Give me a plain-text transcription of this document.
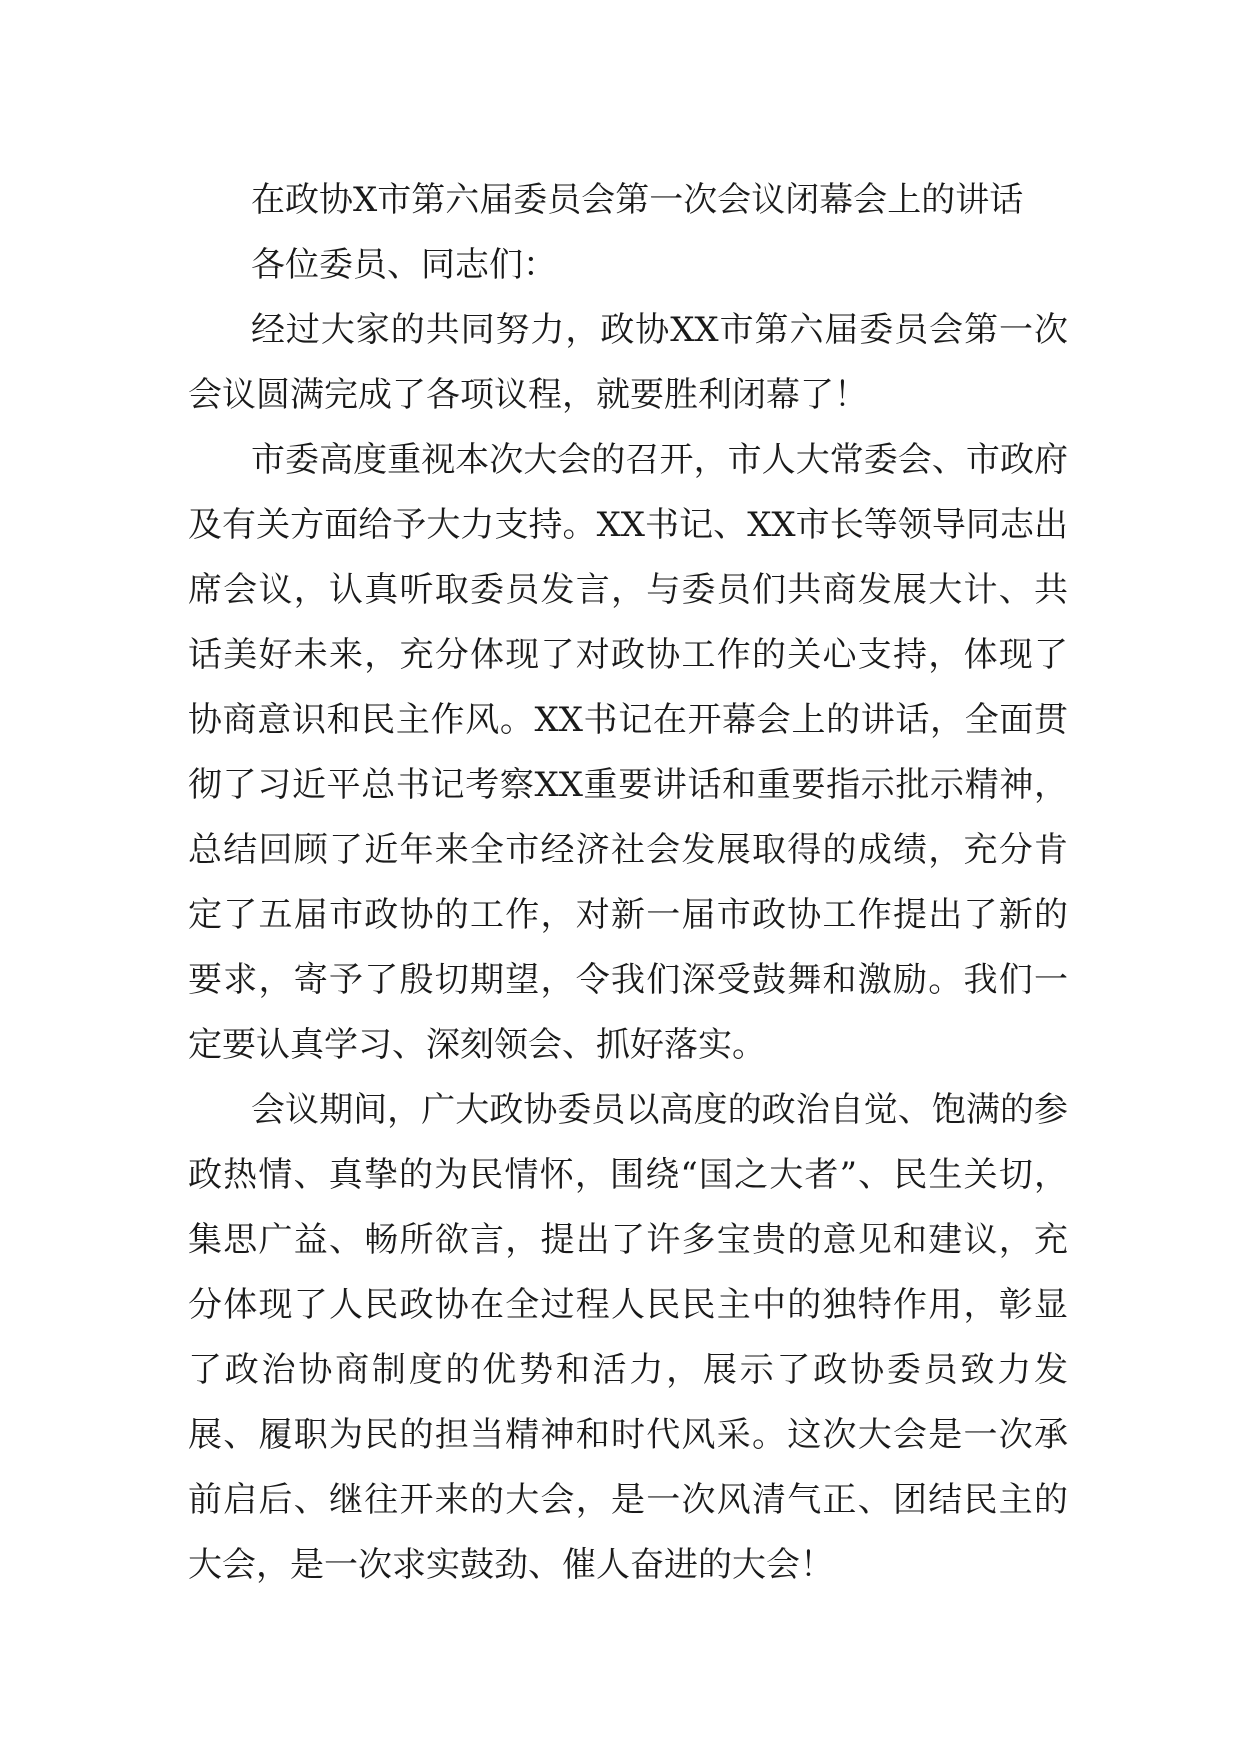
在政协X市第六届委员会第一次会议闭幕会上的讲话

各位委员、同志们：

经过大家的共同努力，政协XX市第六届委员会第一次会议圆满完成了各项议程，就要胜利闭幕了！

市委高度重视本次大会的召开，市人大常委会、市政府及有关方面给予大力支持。XX书记、XX市长等领导同志出席会议，认真听取委员发言，与委员们共商发展大计、共话美好未来，充分体现了对政协工作的关心支持，体现了协商意识和民主作风。XX书记在开幕会上的讲话，全面贯彻了习近平总书记考察XX重要讲话和重要指示批示精神，总结回顾了近年来全市经济社会发展取得的成绩，充分肯定了五届市政协的工作，对新一届市政协工作提出了新的要求，寄予了殷切期望，令我们深受鼓舞和激励。我们一定要认真学习、深刻领会、抓好落实。

会议期间，广大政协委员以高度的政治自觉、饱满的参政热情、真挚的为民情怀，围绕“国之大者”、民生关切，集思广益、畅所欲言，提出了许多宝贵的意见和建议，充分体现了人民政协在全过程人民民主中的独特作用，彰显了政治协商制度的优势和活力，展示了政协委员致力发展、履职为民的担当精神和时代风采。这次大会是一次承前启后、继往开来的大会，是一次风清气正、团结民主的大会，是一次求实鼓劲、催人奋进的大会！
